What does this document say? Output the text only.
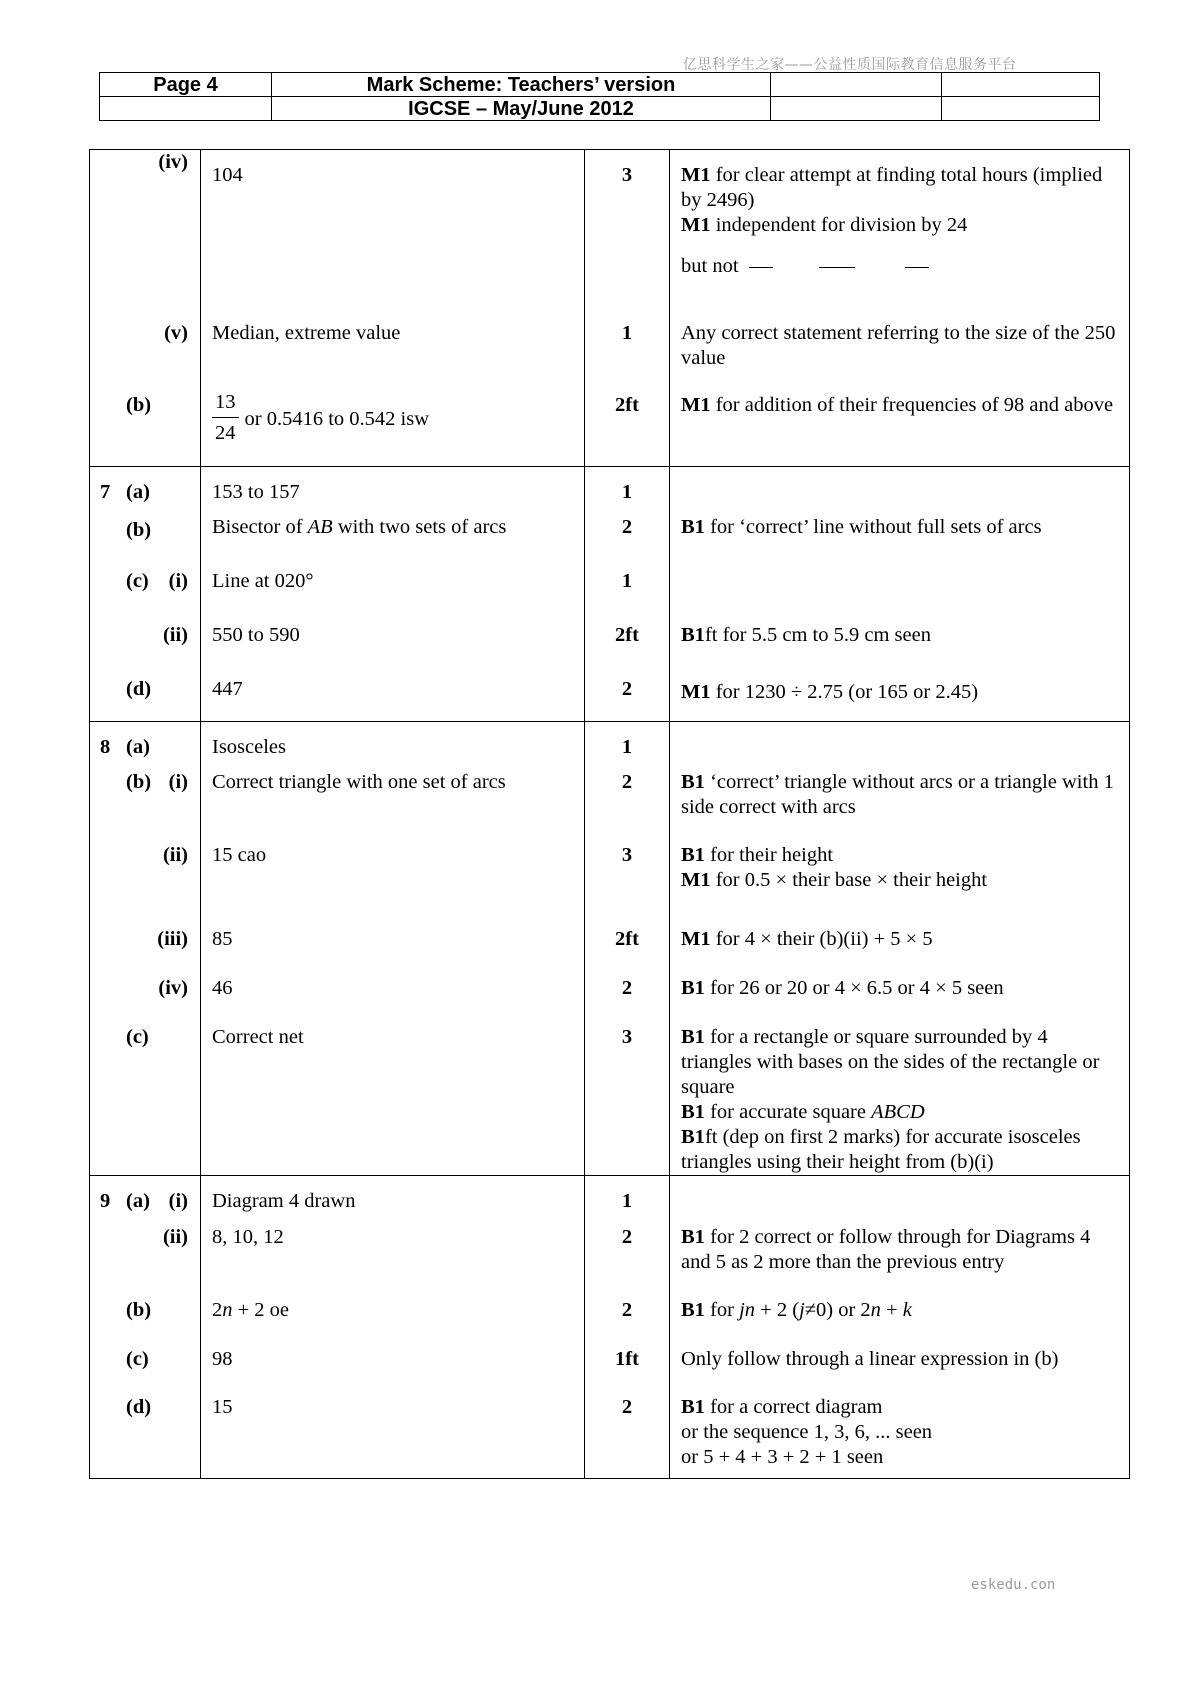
亿思科学生之家——公益性质国际教育信息服务平台
Page 4	Mark Scheme: Teachers’ version		
	IGCSE – May/June 2012		
(iv)	104	3	M1 for clear attempt at finding total hours (implied by 2496)
M1 independent for division by 24
but not

(v)	Median, extreme value	1	Any correct statement referring to the size of the 250 value

(b)	$\frac{13}{24}$ or 0.5416 to 0.542 isw	2ft	M1 for addition of their frequencies of 98 and above

7 (a)	153 to 157	1	

(b)	Bisector of AB with two sets of arcs	2	B1 for ‘correct’ line without full sets of arcs

(c) (i)	Line at 020°	1	

(ii)	550 to 590	2ft	B1ft for 5.5 cm to 5.9 cm seen

(d)	447	2	M1 for 1230 ÷ 2.75 (or 165 or 2.45)

8 (a)	Isosceles	1	

(b) (i)	Correct triangle with one set of arcs	2	B1 ‘correct’ triangle without arcs or a triangle with 1 side correct with arcs

(ii)	15 cao	3	B1 for their height
M1 for 0.5 × their base × their height

(iii)	85	2ft	M1 for 4 × their (b)(ii) + 5 × 5

(iv)	46	2	B1 for 26 or 20 or 4 × 6.5 or 4 × 5 seen

(c)	Correct net	3	B1 for a rectangle or square surrounded by 4 triangles with bases on the sides of the rectangle or square
B1 for accurate square ABCD
B1ft (dep on first 2 marks) for accurate isosceles triangles using their height from (b)(i)

9 (a) (i)	Diagram 4 drawn	1	

(ii)	8, 10, 12	2	B1 for 2 correct or follow through for Diagrams 4 and 5 as 2 more than the previous entry

(b)	2n + 2 oe	2	B1 for jn + 2 (j≠0) or 2n + k

(c)	98	1ft	Only follow through a linear expression in (b)

(d)	15	2	B1 for a correct diagram
or the sequence 1, 3, 6, ... seen
or 5 + 4 + 3 + 2 + 1 seen
eskedu.con
